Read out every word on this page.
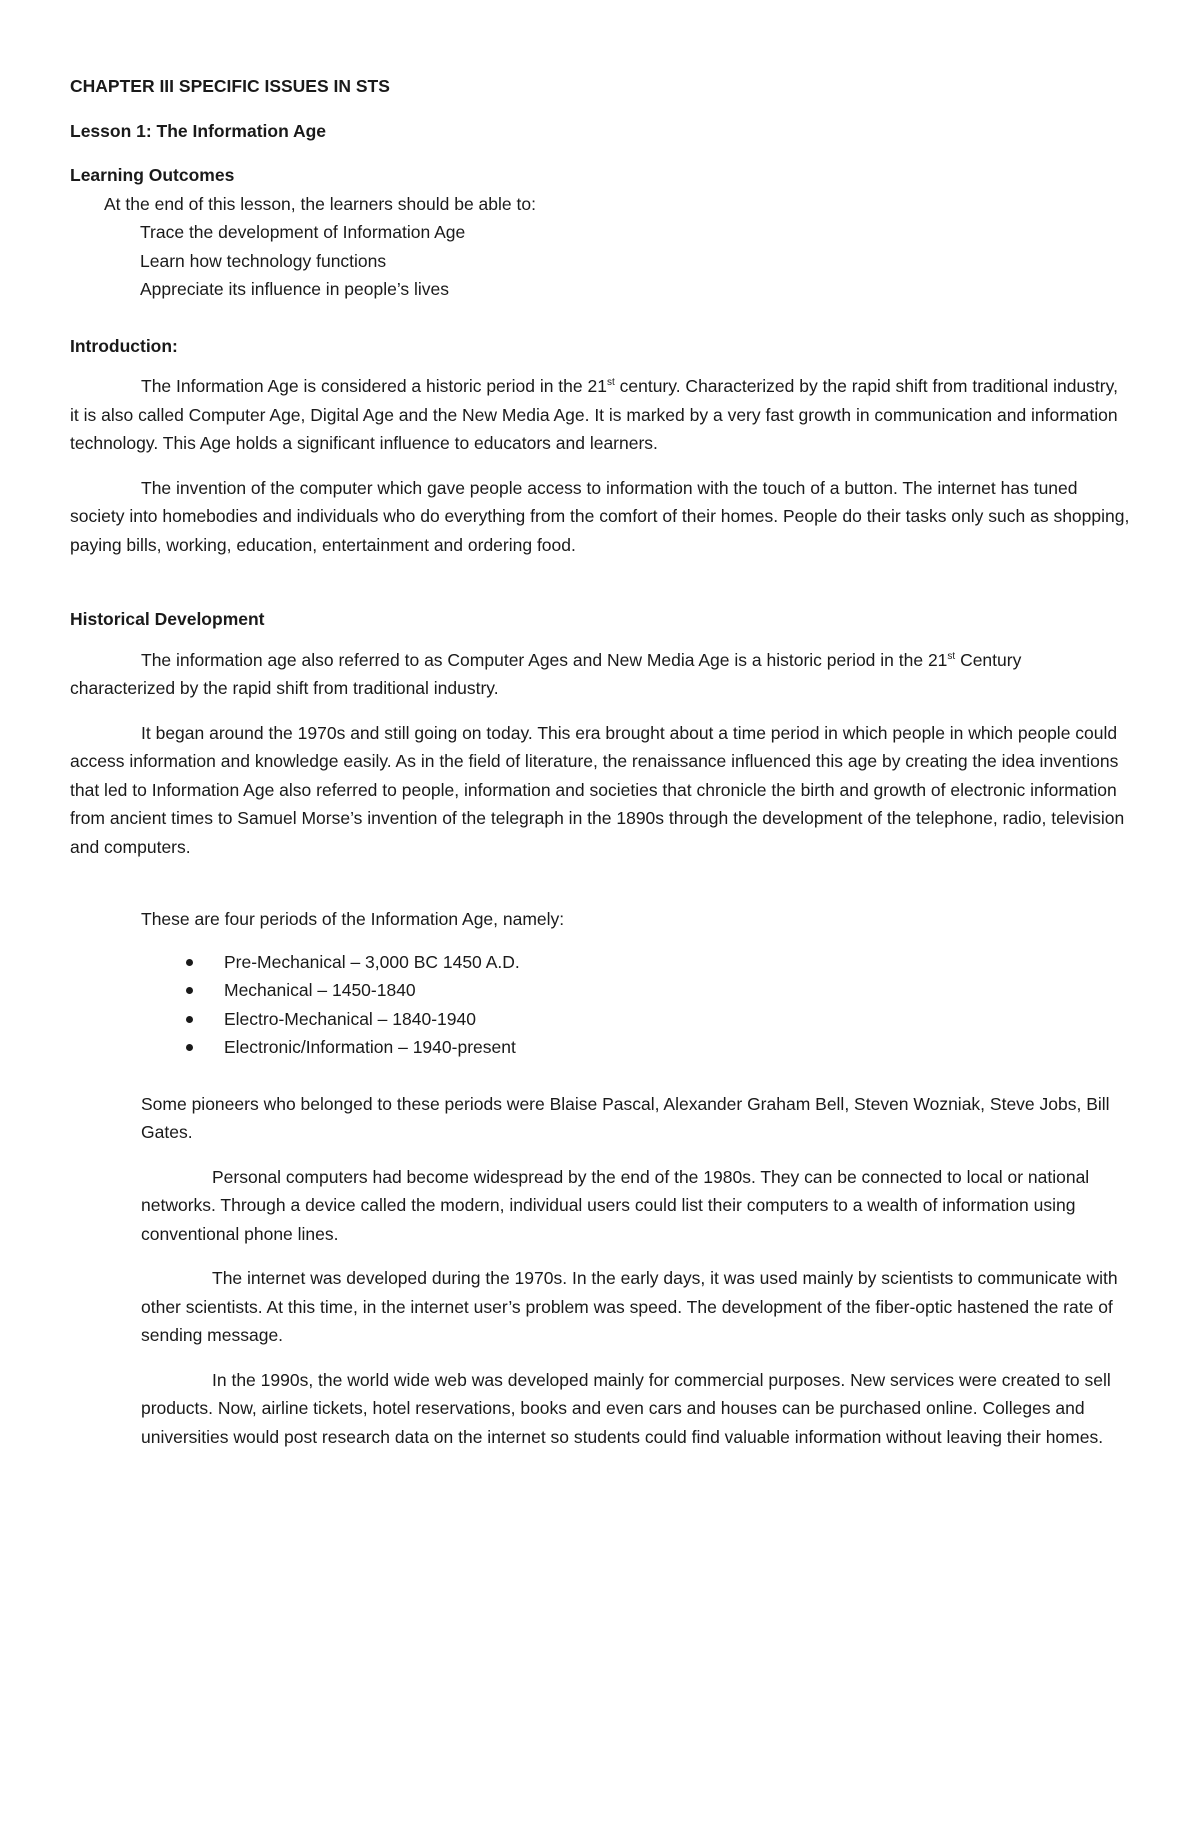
CHAPTER III SPECIFIC ISSUES IN STS

Lesson 1: The Information Age

Learning Outcomes

At the end of this lesson, the learners should be able to:

Trace the development of Information Age
Learn how technology functions
Appreciate its influence in people’s lives

Introduction:

The Information Age is considered a historic period in the 21st century. Characterized by the rapid shift from traditional industry, it is also called Computer Age, Digital Age and the New Media Age. It is marked by a very fast growth in communication and information technology. This Age holds a significant influence to educators and learners.

The invention of the computer which gave people access to information with the touch of a button. The internet has tuned society into homebodies and individuals who do everything from the comfort of their homes. People do their tasks only such as shopping, paying bills, working, education, entertainment and ordering food.

Historical Development

The information age also referred to as Computer Ages and New Media Age is a historic period in the 21st Century characterized by the rapid shift from traditional industry.

It began around the 1970s and still going on today. This era brought about a time period in which people in which people could access information and knowledge easily. As in the field of literature, the renaissance influenced this age by creating the idea inventions that led to Information Age also referred to people, information and societies that chronicle the birth and growth of electronic information from ancient times to Samuel Morse’s invention of the telegraph in the 1890s through the development of the telephone, radio, television and computers.

These are four periods of the Information Age, namely:

Pre-Mechanical – 3,000 BC 1450 A.D.
Mechanical – 1450-1840
Electro-Mechanical – 1840-1940
Electronic/Information – 1940-present

Some pioneers who belonged to these periods were Blaise Pascal, Alexander Graham Bell, Steven Wozniak, Steve Jobs, Bill Gates.

Personal computers had become widespread by the end of the 1980s. They can be connected to local or national networks. Through a device called the modern, individual users could list their computers to a wealth of information using conventional phone lines.

The internet was developed during the 1970s. In the early days, it was used mainly by scientists to communicate with other scientists. At this time, in the internet user’s problem was speed. The development of the fiber-optic hastened the rate of sending message.

In the 1990s, the world wide web was developed mainly for commercial purposes. New services were created to sell products. Now, airline tickets, hotel reservations, books and even cars and houses can be purchased online. Colleges and universities would post research data on the internet so students could find valuable information without leaving their homes.
